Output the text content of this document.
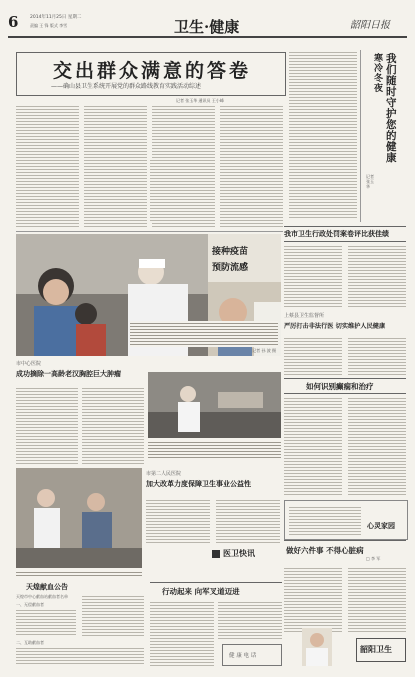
6	2014年11月25日 星期二
责编 王 锋 版式 李雪	卫生·健康	韶阳日报
交出群众满意的答卷
——确山县卫生系统开展党的群众路线教育实践活动综述
记者 张玉华 通讯员 王小峰
寒冷冬夜
我们随时守护您的健康
记者 张玉华
我市卫生行政处罚案卷评比获佳绩
接种疫苗
预防流感
记者 孙 波 摄
上蔡县卫生监督所
严厉打击非法行医 切实维护人民健康
市中心医院
成功摘除一高龄老汉胸腔巨大肿瘤
如何识别癫痫和治疗
市第二人民医院
加大改革力度保障卫生事业公益性
医卫快讯
心灵家园
做好六件事 不得心脏病
□ 李 军
韶阳卫生
天煌献血公告
天煌市中心献血站献血者名单
一、无偿献血者
二、互助献血者
行动起来 向军叉道迈进
健 康 电 话
